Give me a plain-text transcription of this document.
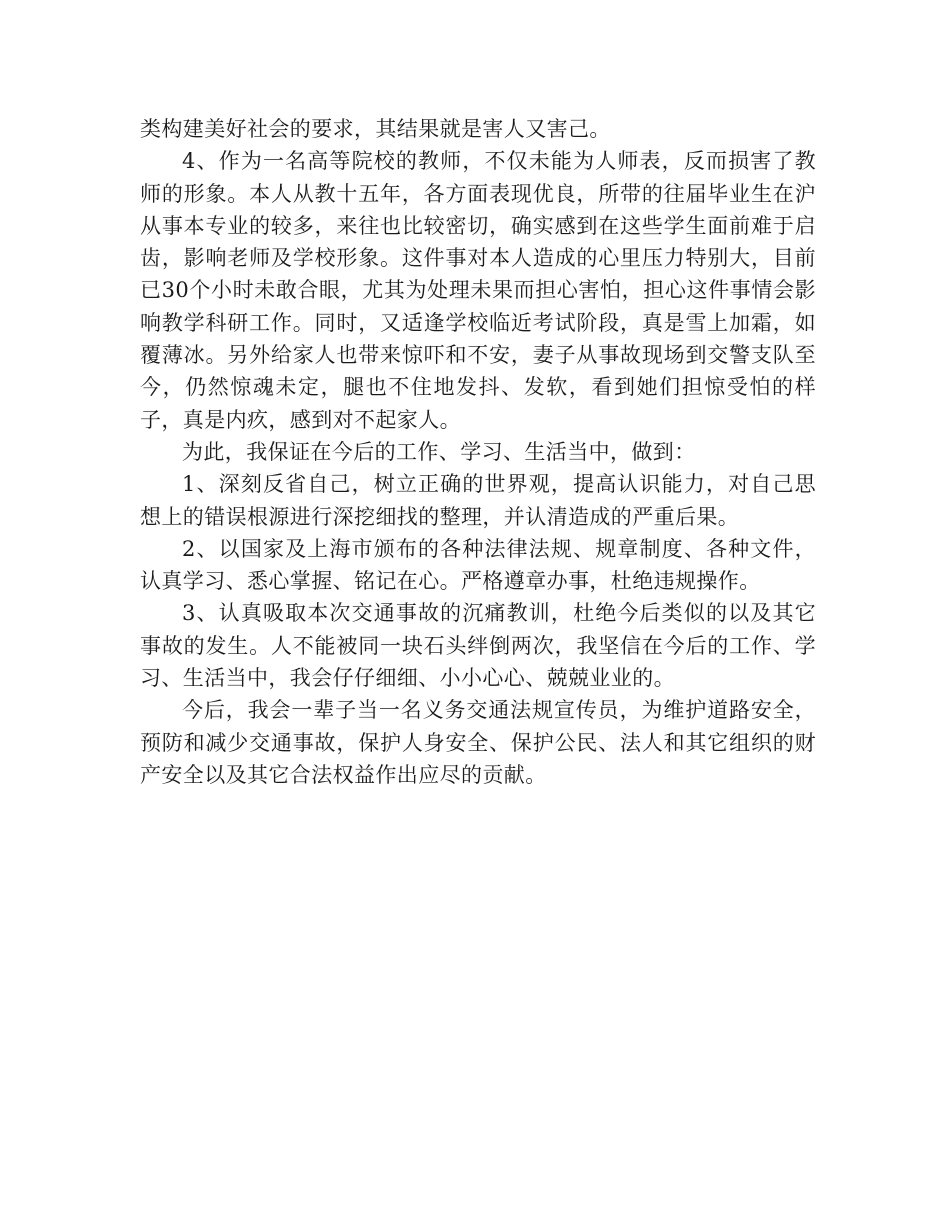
类构建美好社会的要求，其结果就是害人又害己。

4、作为一名高等院校的教师，不仅未能为人师表，反而损害了教师的形象。本人从教十五年，各方面表现优良，所带的往届毕业生在沪从事本专业的较多，来往也比较密切，确实感到在这些学生面前难于启齿，影响老师及学校形象。这件事对本人造成的心里压力特别大，目前已30个小时未敢合眼，尤其为处理未果而担心害怕，担心这件事情会影响教学科研工作。同时，又适逢学校临近考试阶段，真是雪上加霜，如覆薄冰。另外给家人也带来惊吓和不安，妻子从事故现场到交警支队至今，仍然惊魂未定，腿也不住地发抖、发软，看到她们担惊受怕的样子，真是内疚，感到对不起家人。

为此，我保证在今后的工作、学习、生活当中，做到：

1、深刻反省自己，树立正确的世界观，提高认识能力，对自己思想上的错误根源进行深挖细找的整理，并认清造成的严重后果。

2、以国家及上海市颁布的各种法律法规、规章制度、各种文件，认真学习、悉心掌握、铭记在心。严格遵章办事，杜绝违规操作。

3、认真吸取本次交通事故的沉痛教训，杜绝今后类似的以及其它事故的发生。人不能被同一块石头绊倒两次，我坚信在今后的工作、学习、生活当中，我会仔仔细细、小小心心、兢兢业业的。

今后，我会一辈子当一名义务交通法规宣传员，为维护道路安全，预防和减少交通事故，保护人身安全、保护公民、法人和其它组织的财产安全以及其它合法权益作出应尽的贡献。
